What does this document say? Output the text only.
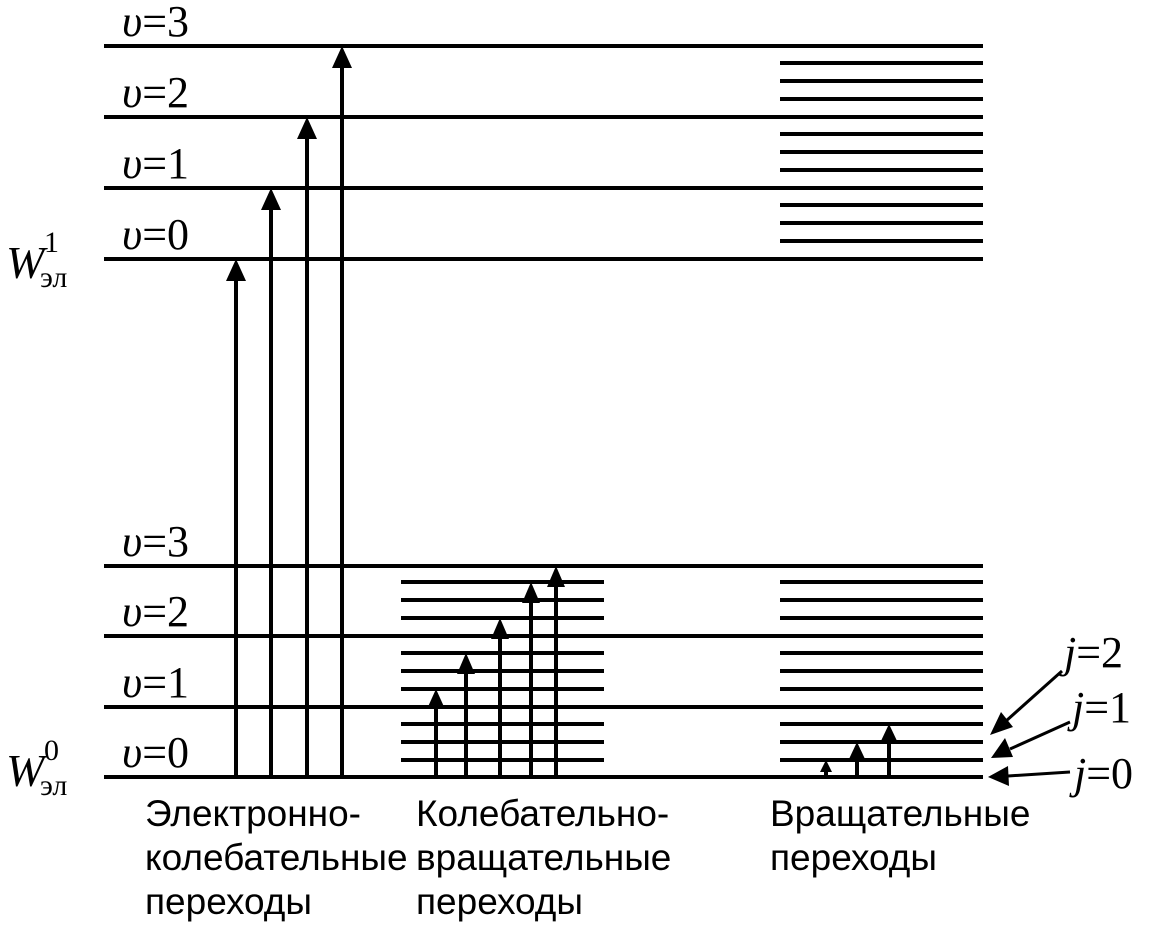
υ=3
υ=2
υ=1
υ=0
υ=3
υ=2
υ=1
υ=0
W1 эл
W0 эл
j=2
j=1
j=0
Электронно-
колебательные
переходы
Колебательно-
вращательные
переходы
Вращательные
переходы
